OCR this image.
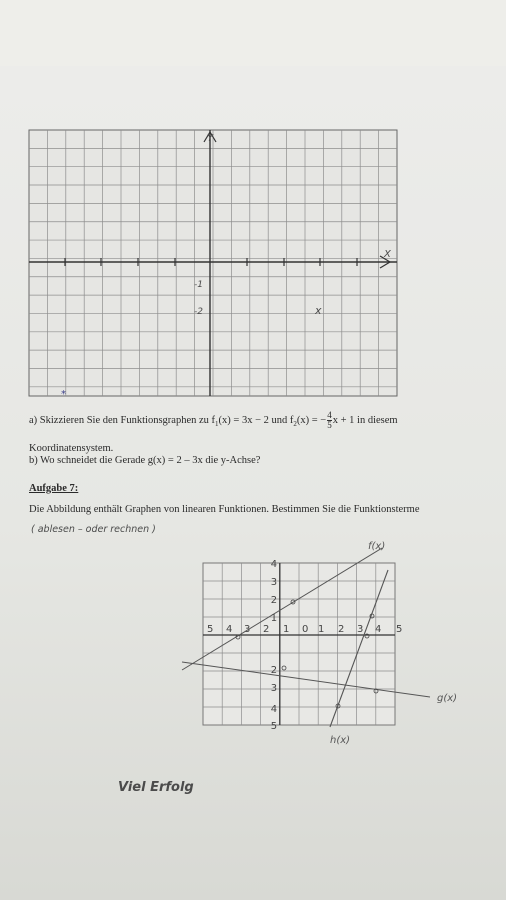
*
Y
X
-1
-2	x
a) Skizzieren Sie den Funktionsgraphen zu $f_1(x) = 3x - 2$ und $f_2(x)$ = − $\frac{4}{5}$ x + 1 in diesem
Koordinatensystem.
b) Wo schneidet die Gerade g(x) = 2 – 3x die y-Achse?
Aufgabe 7:
Die Abbildung enthält Graphen von linearen Funktionen. Bestimmen Sie die Funktionsterme
( ablesen – oder rechnen )
5 4 3 2 1 0 1 2 3 4 5
4
3
2
1
2
3
4
5
f(x)
g(x)
h(x)
Viel Erfolg
